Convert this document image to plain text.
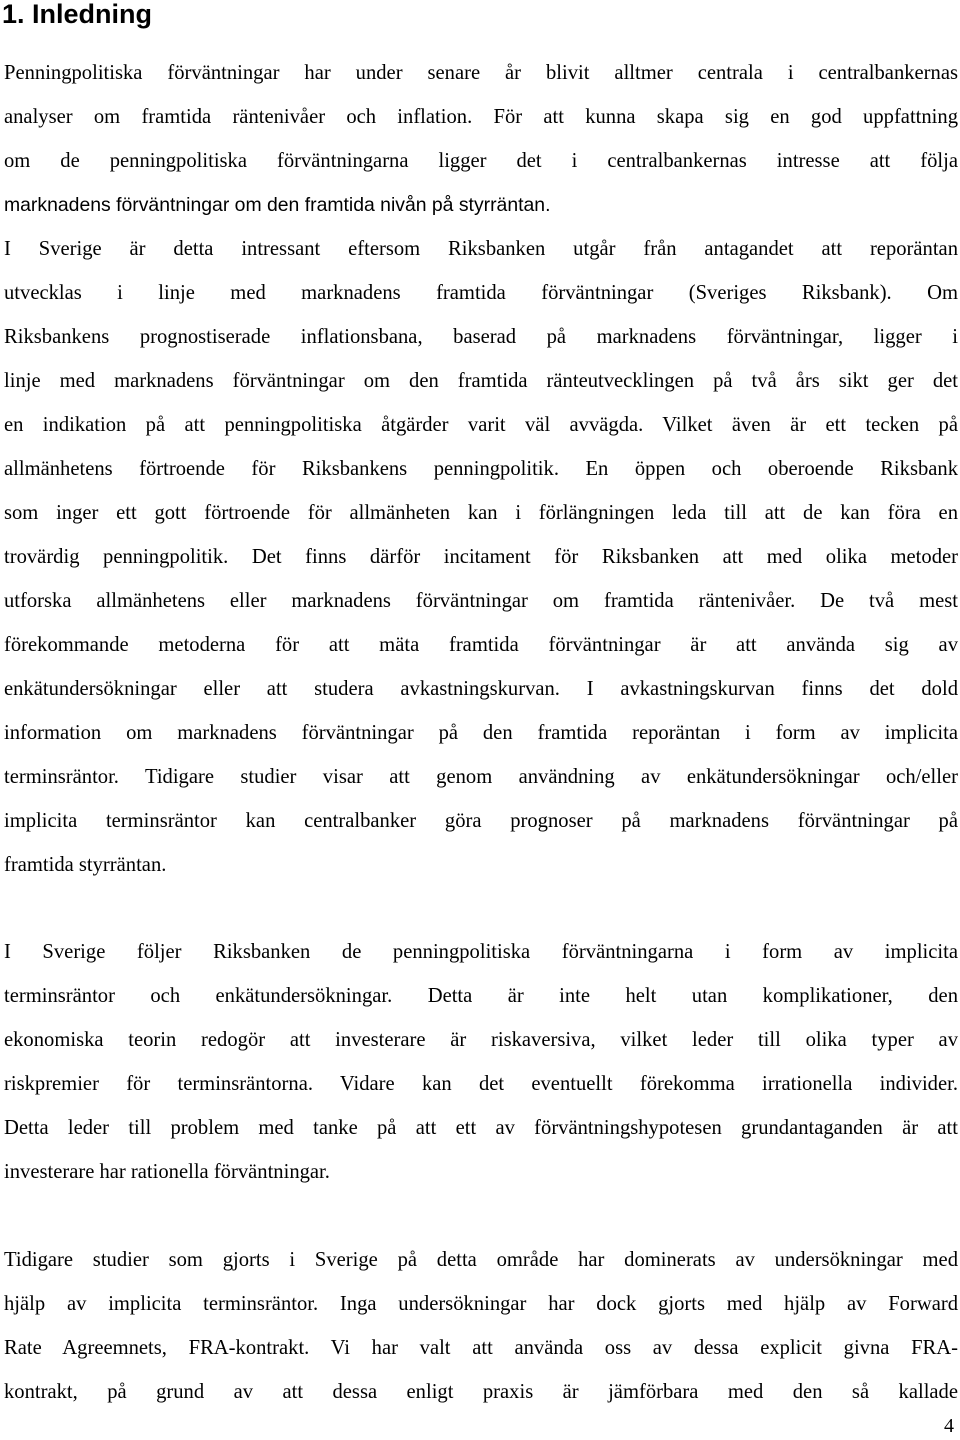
1. Inledning
Penningpolitiska förväntningar har under senare år blivit alltmer centrala i centralbankernas
analyser om framtida räntenivåer och inflation. För att kunna skapa sig en god uppfattning
om de penningpolitiska förväntningarna ligger det i centralbankernas intresse att följa
marknadens förväntningar om den framtida nivån på styrräntan.
I Sverige är detta intressant eftersom Riksbanken utgår från antagandet att reporäntan
utvecklas i linje med marknadens framtida förväntningar (Sveriges Riksbank). Om
Riksbankens prognostiserade inflationsbana, baserad på marknadens förväntningar, ligger i
linje med marknadens förväntningar om den framtida ränteutvecklingen på två års sikt ger det
en indikation på att penningpolitiska åtgärder varit väl avvägda. Vilket även är ett tecken på
allmänhetens förtroende för Riksbankens penningpolitik. En öppen och oberoende Riksbank
som inger ett gott förtroende för allmänheten kan i förlängningen leda till att de kan föra en
trovärdig penningpolitik. Det finns därför incitament för Riksbanken att med olika metoder
utforska allmänhetens eller marknadens förväntningar om framtida räntenivåer. De två mest
förekommande metoderna för att mäta framtida förväntningar är att använda sig av
enkätundersökningar eller att studera avkastningskurvan. I avkastningskurvan finns det dold
information om marknadens förväntningar på den framtida reporäntan i form av implicita
terminsräntor. Tidigare studier visar att genom användning av enkätundersökningar och/eller
implicita terminsräntor kan centralbanker göra prognoser på marknadens förväntningar på
framtida styrräntan.
I Sverige följer Riksbanken de penningpolitiska förväntningarna i form av implicita
terminsräntor och enkätundersökningar. Detta är inte helt utan komplikationer, den
ekonomiska teorin redogör att investerare är riskaversiva, vilket leder till olika typer av
riskpremier för terminsräntorna. Vidare kan det eventuellt förekomma irrationella individer.
Detta leder till problem med tanke på att ett av förväntningshypotesen grundantaganden är att
investerare har rationella förväntningar.
Tidigare studier som gjorts i Sverige på detta område har dominerats av undersökningar med
hjälp av implicita terminsräntor. Inga undersökningar har dock gjorts med hjälp av Forward
Rate Agreemnets, FRA-kontrakt. Vi har valt att använda oss av dessa explicit givna FRA-
kontrakt, på grund av att dessa enligt praxis är jämförbara med den så kallade
4
